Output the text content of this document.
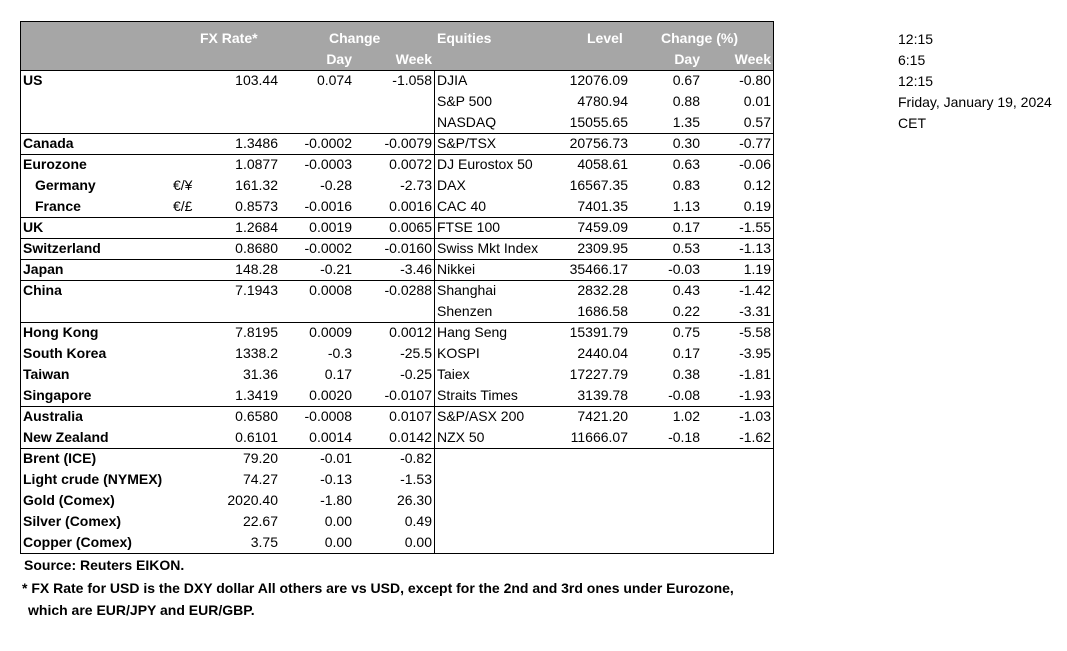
FX Rate*	Change
Day	Week
Equities	Level	Change (%)
Day	Week
US	103.44	0.074	-1.058 DJIA	12076.09	0.67	-0.80
S&P 500	4780.94	0.88	0.01
NASDAQ	15055.65	1.35	0.57
Canada	1.3486	-0.0002	-0.0079 S&P/TSX	20756.73	0.30	-0.77
Eurozone	1.0877	-0.0003	0.0072 DJ Eurostox 50	4058.61	0.63	-0.06
Germany	€/¥	161.32	-0.28	-2.73 DAX	16567.35	0.83	0.12
France	€/£	0.8573	-0.0016	0.0016 CAC 40	7401.35	1.13	0.19
UK	1.2684	0.0019	0.0065 FTSE 100	7459.09	0.17	-1.55
Switzerland	0.8680	-0.0002	-0.0160 Swiss Mkt Index	2309.95	0.53	-1.13
Japan	148.28	-0.21	-3.46 Nikkei	35466.17	-0.03	1.19
China	7.1943	0.0008	-0.0288 Shanghai	2832.28	0.43	-1.42
Shenzen	1686.58	0.22	-3.31
Hong Kong	7.8195	0.0009	0.0012 Hang Seng	15391.79	0.75	-5.58
South Korea	1338.2	-0.3	-25.5 KOSPI	2440.04	0.17	-3.95
Taiwan	31.36	0.17	-0.25 Taiex	17227.79	0.38	-1.81
Singapore	1.3419	0.0020	-0.0107 Straits Times	3139.78	-0.08	-1.93
Australia	0.6580	-0.0008	0.0107 S&P/ASX 200	7421.20	1.02	-1.03
New Zealand	0.6101	0.0014	0.0142 NZX 50	11666.07	-0.18	-1.62
Brent (ICE)	79.20	-0.01	-0.82
Light crude (NYMEX)	74.27	-0.13	-1.53
Gold (Comex)	2020.40	-1.80	26.30
Silver (Comex)	22.67	0.00	0.49
Copper (Comex)	3.75	0.00	0.00
Source: Reuters EIKON.
* FX Rate for USD is the DXY dollar All others are vs USD, except for the 2nd and 3rd ones under Eurozone,
which are EUR/JPY and EUR/GBP.
12:15
6:15
12:15
Friday, January 19, 2024
CET
